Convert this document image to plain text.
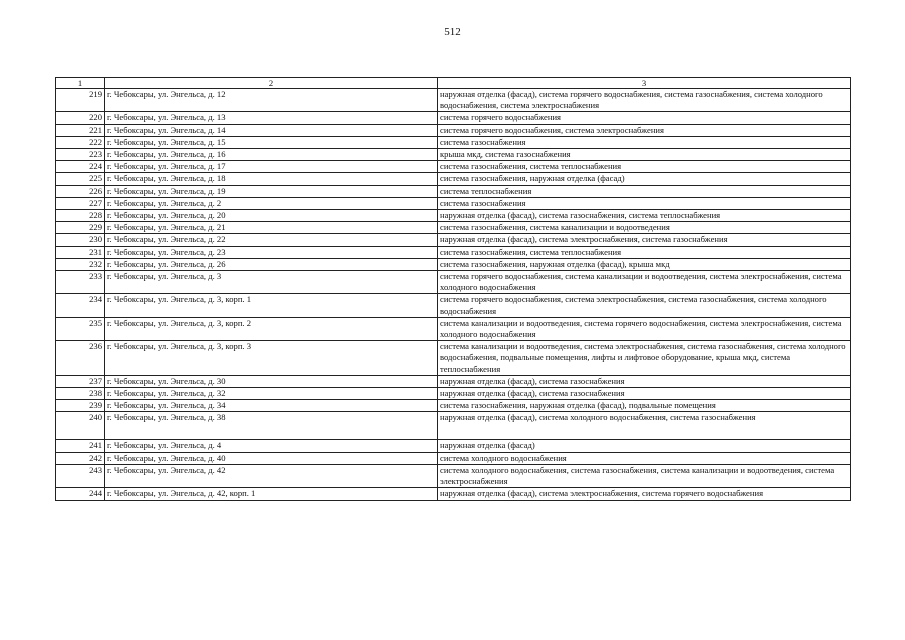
512
1	2	3
219	г. Чебоксары, ул. Энгельса, д. 12	наружная отделка (фасад), система горячего водоснабжения, система газоснабжения, система холодного водоснабжения, система электроснабжения
220	г. Чебоксары, ул. Энгельса, д. 13	система горячего водоснабжения
221	г. Чебоксары, ул. Энгельса, д. 14	система горячего водоснабжения, система электроснабжения
222	г. Чебоксары, ул. Энгельса, д. 15	система газоснабжения
223	г. Чебоксары, ул. Энгельса, д. 16	крыша мкд, система газоснабжения
224	г. Чебоксары, ул. Энгельса, д. 17	система газоснабжения, система теплоснабжения
225	г. Чебоксары, ул. Энгельса, д. 18	система газоснабжения, наружная отделка (фасад)
226	г. Чебоксары, ул. Энгельса, д. 19	система теплоснабжения
227	г. Чебоксары, ул. Энгельса, д. 2	система газоснабжения
228	г. Чебоксары, ул. Энгельса, д. 20	наружная отделка (фасад), система газоснабжения, система теплоснабжения
229	г. Чебоксары, ул. Энгельса, д. 21	система газоснабжения, система канализации и водоотведения
230	г. Чебоксары, ул. Энгельса, д. 22	наружная отделка (фасад), система электроснабжения, система газоснабжения
231	г. Чебоксары, ул. Энгельса, д. 23	система газоснабжения, система теплоснабжения
232	г. Чебоксары, ул. Энгельса, д. 26	система газоснабжения, наружная отделка (фасад), крыша мкд
233	г. Чебоксары, ул. Энгельса, д. 3	система горячего водоснабжения, система канализации и водоотведения, система электроснабжения, система холодного водоснабжения
234	г. Чебоксары, ул. Энгельса, д. 3, корп. 1	система горячего водоснабжения, система электроснабжения, система газоснабжения, система холодного водоснабжения
235	г. Чебоксары, ул. Энгельса, д. 3, корп. 2	система канализации и водоотведения, система горячего водоснабжения, система электроснабжения, система холодного водоснабжения
236	г. Чебоксары, ул. Энгельса, д. 3, корп. 3	система канализации и водоотведения, система электроснабжения, система газоснабжения, система холодного водоснабжения, подвальные помещения, лифты и лифтовое оборудование, крыша мкд, система теплоснабжения
237	г. Чебоксары, ул. Энгельса, д. 30	наружная отделка (фасад), система газоснабжения
238	г. Чебоксары, ул. Энгельса, д. 32	наружная отделка (фасад), система газоснабжения
239	г. Чебоксары, ул. Энгельса, д. 34	система газоснабжения, наружная отделка (фасад), подвальные помещения
240	г. Чебоксары, ул. Энгельса, д. 38	наружная отделка (фасад), система холодного водоснабжения, система газоснабжения
241	г. Чебоксары, ул. Энгельса, д. 4	наружная отделка (фасад)
242	г. Чебоксары, ул. Энгельса, д. 40	система холодного водоснабжения
243	г. Чебоксары, ул. Энгельса, д. 42	система холодного водоснабжения, система газоснабжения, система канализации и водоотведения, система электроснабжения
244	г. Чебоксары, ул. Энгельса, д. 42, корп. 1	наружная отделка (фасад), система электроснабжения, система горячего водоснабжения
